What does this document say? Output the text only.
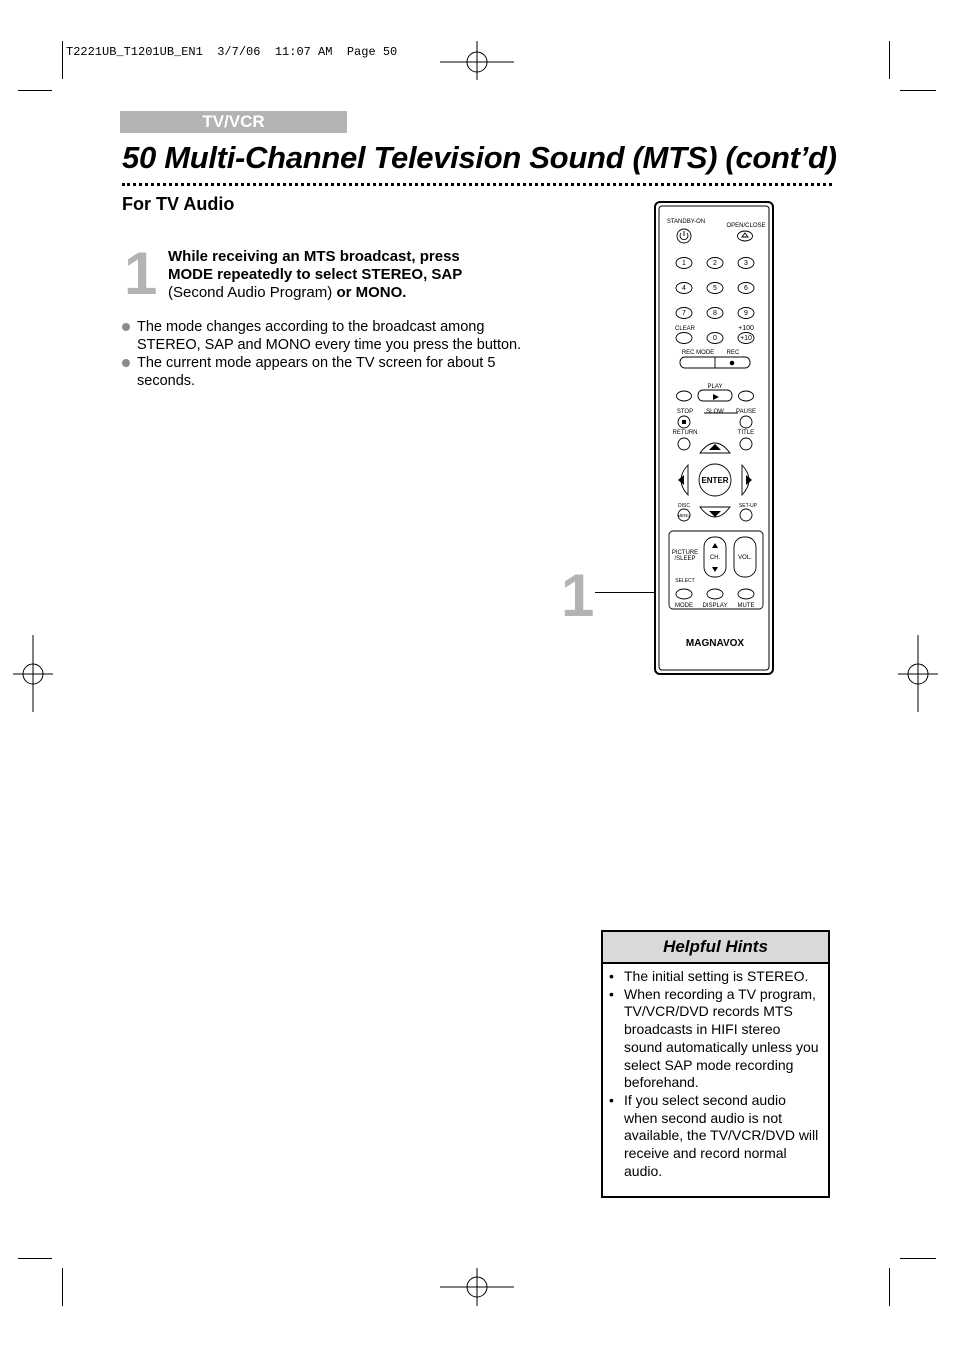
T2221UB_T1201UB_EN1  3/7/06  11:07 AM  Page 50
TV/VCR
50 Multi-Channel Television Sound (MTS) (cont’d)
For TV Audio
1 While receiving an MTS broadcast, press MODE repeatedly to select STEREO, SAP (Second Audio Program) or MONO.
The mode changes according to the broadcast among STEREO, SAP and MONO every time you press the button.
The current mode appears on the TV screen for about 5 seconds.
1
STANDBY-ON
OPEN/CLOSE
1	2	3
4	5	6
7	8	9
0
CLEAR	+100
+10
REC MODE REC
PLAY
STOP SLOW PAUSE
RETURN	TITLE
ENTER
DISC
MENU
SET-UP
PICTURE
/SLEEP CH.	VOL.
SELECT
MODE DISPLAY MUTE
MAGNAVOX
Helpful Hints
• The initial setting is STEREO.
• When recording a TV program, TV/VCR/DVD records MTS broadcasts in HIFI stereo sound automatically unless you select SAP mode recording beforehand.
• If you select second audio when second audio is not available, the TV/VCR/DVD will receive and record normal audio.
